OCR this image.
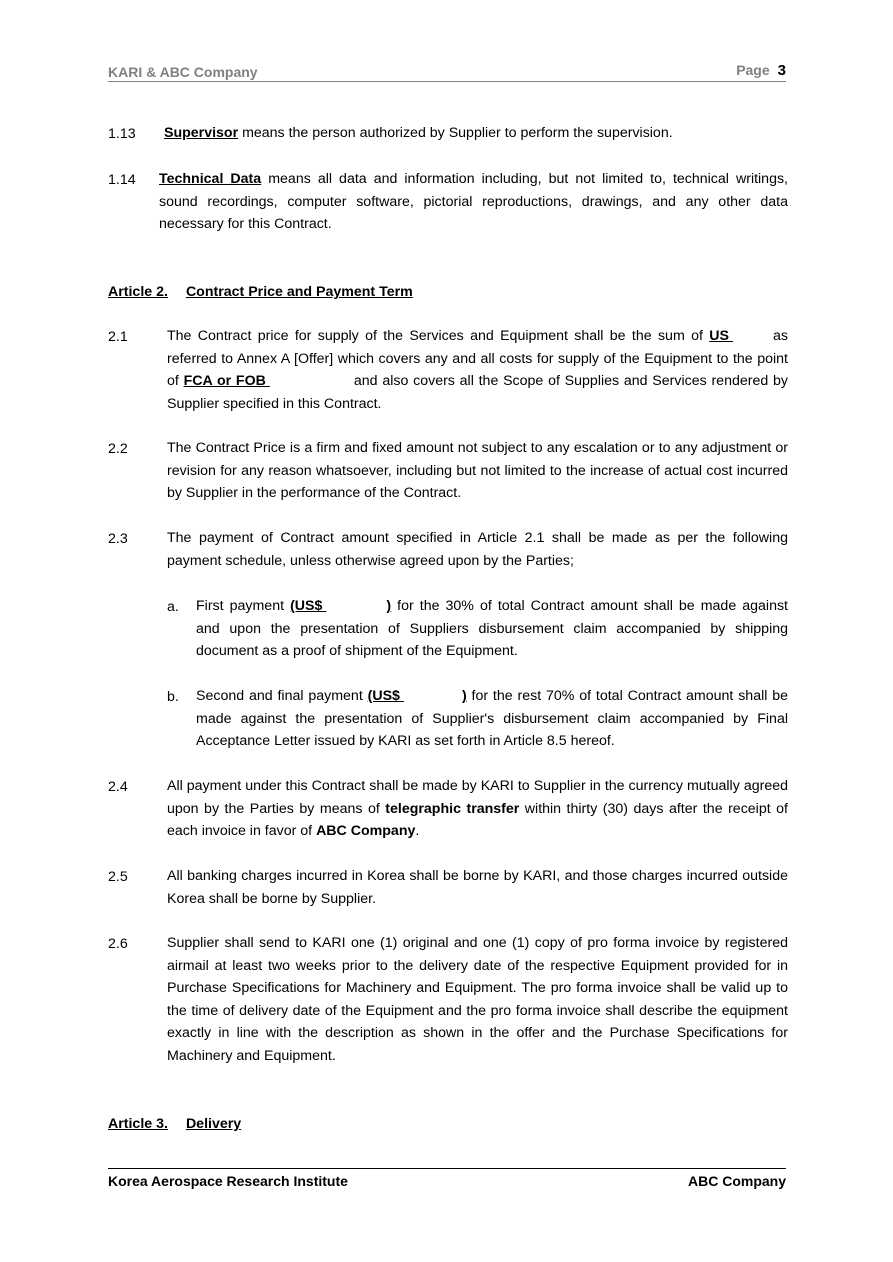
KARI & ABC Company	Page 3
1.13 Supervisor means the person authorized by Supplier to perform the supervision.
1.14 Technical Data means all data and information including, but not limited to, technical writings, sound recordings, computer software, pictorial reproductions, drawings, and any other data necessary for this Contract.
Article 2. Contract Price and Payment Term
2.1	The Contract price for supply of the Services and Equipment shall be the sum of US	as referred to Annex A [Offer] which covers any and all costs for supply of the Equipment to the point of FCA or FOB	and also covers all the Scope of Supplies and Services rendered by Supplier specified in this Contract.
2.2	The Contract Price is a firm and fixed amount not subject to any escalation or to any adjustment or revision for any reason whatsoever, including but not limited to the increase of actual cost incurred by Supplier in the performance of the Contract.
2.3	The payment of Contract amount specified in Article 2.1 shall be made as per the following payment schedule, unless otherwise agreed upon by the Parties;
a. First payment (US$	) for the 30% of total Contract amount shall be made against and upon the presentation of Suppliers disbursement claim accompanied by shipping document as a proof of shipment of the Equipment.
b. Second and final payment (US$	) for the rest 70% of total Contract amount shall be made against the presentation of Supplier's disbursement claim accompanied by Final Acceptance Letter issued by KARI as set forth in Article 8.5 hereof.
2.4	All payment under this Contract shall be made by KARI to Supplier in the currency mutually agreed upon by the Parties by means of telegraphic transfer within thirty (30) days after the receipt of each invoice in favor of ABC Company.
2.5	All banking charges incurred in Korea shall be borne by KARI, and those charges incurred outside Korea shall be borne by Supplier.
2.6	Supplier shall send to KARI one (1) original and one (1) copy of pro forma invoice by registered airmail at least two weeks prior to the delivery date of the respective Equipment provided for in Purchase Specifications for Machinery and Equipment. The pro forma invoice shall be valid up to the time of delivery date of the Equipment and the pro forma invoice shall describe the equipment exactly in line with the description as shown in the offer and the Purchase Specifications for Machinery and Equipment.
Article 3. Delivery
Korea Aerospace Research Institute	ABC Company
